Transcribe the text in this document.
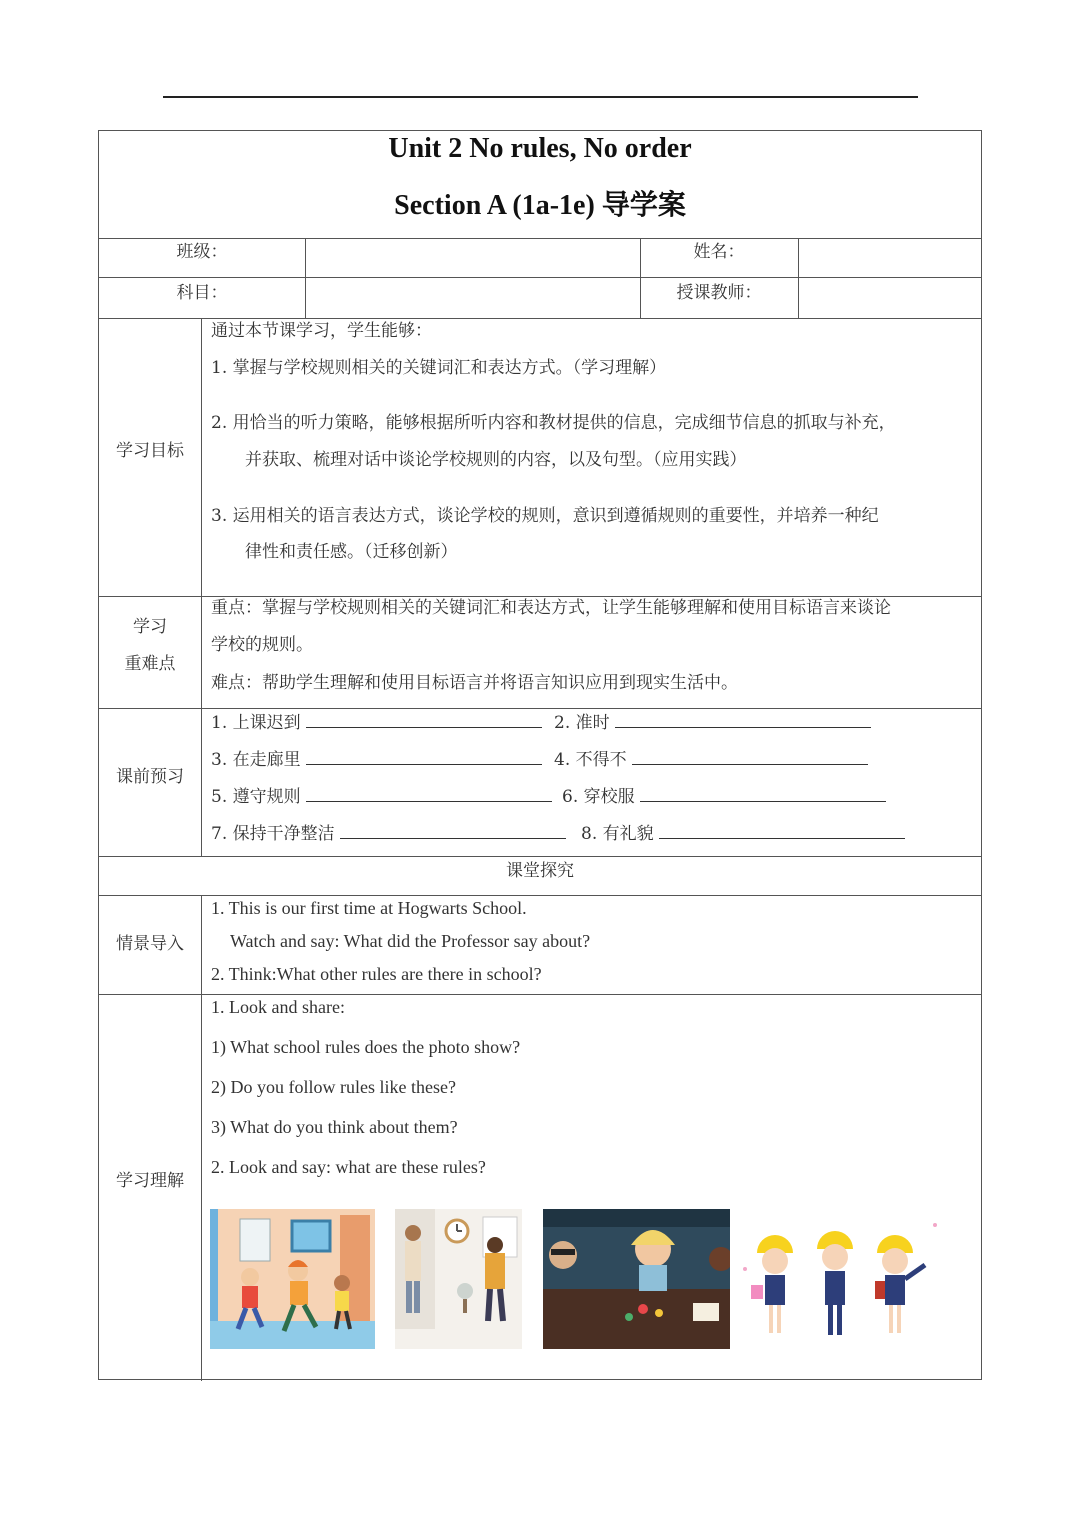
Unit 2 No rules, No order
Section A (1a-1e) 导学案
班级：	姓名：
科目：	授课教师：
学习目标
通过本节课学习，学生能够：
1. 掌握与学校规则相关的关键词汇和表达方式。（学习理解）
2. 用恰当的听力策略，能够根据所听内容和教材提供的信息，完成细节信息的抓取与补充，
并获取、梳理对话中谈论学校规则的内容，以及句型。（应用实践）
3. 运用相关的语言表达方式，谈论学校的规则，意识到遵循规则的重要性，并培养一种纪
律性和责任感。（迁移创新）
学习
重难点
重点：掌握与学校规则相关的关键词汇和表达方式，让学生能够理解和使用目标语言来谈论
学校的规则。
难点：帮助学生理解和使用目标语言并将语言知识应用到现实生活中。
课前预习
1. 上课迟到	2. 准时
3. 在走廊里	4. 不得不
5. 遵守规则	6. 穿校服
7. 保持干净整洁	8. 有礼貌
课堂探究
情景导入
1. This is our first time at Hogwarts School.
Watch and say: What did the Professor say about?
2. Think:What other rules are there in school?
学习理解
1. Look and share:
1) What school rules does the photo show?
2) Do you follow rules like these?
3) What do you think about them?
2. Look and say: what are these rules?
